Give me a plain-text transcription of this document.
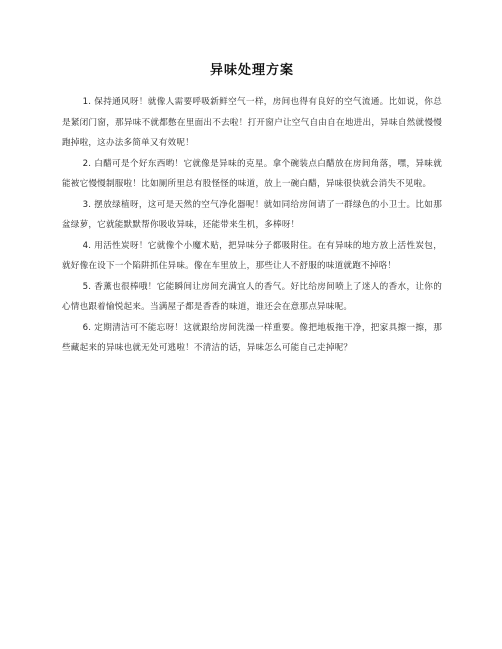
异味处理方案

1. 保持通风呀！就像人需要呼吸新鲜空气一样，房间也得有良好的空气流通。比如说，你总是紧闭门窗，那异味不就都憋在里面出不去啦！打开窗户让空气自由自在地进出，异味自然就慢慢跑掉啦，这办法多简单又有效呢！

2. 白醋可是个好东西哟！它就像是异味的克星。拿个碗装点白醋放在房间角落，嘿，异味就能被它慢慢制服啦！比如厕所里总有股怪怪的味道，放上一碗白醋，异味很快就会消失不见啦。

3. 摆放绿植呀，这可是天然的空气净化器呢！就如同给房间请了一群绿色的小卫士。比如那盆绿萝，它就能默默帮你吸收异味，还能带来生机，多棒呀！

4. 用活性炭呀！它就像个小魔术贴，把异味分子都吸附住。在有异味的地方放上活性炭包，就好像在设下一个陷阱抓住异味。像在车里放上，那些让人不舒服的味道就跑不掉咯！

5. 香薰也很棒哦！它能瞬间让房间充满宜人的香气。好比给房间喷上了迷人的香水，让你的心情也跟着愉悦起来。当满屋子都是香香的味道，谁还会在意那点异味呢。

6. 定期清洁可不能忘呀！这就跟给房间洗澡一样重要。像把地板拖干净，把家具擦一擦，那些藏起来的异味也就无处可逃啦！不清洁的话，异味怎么可能自己走掉呢？
